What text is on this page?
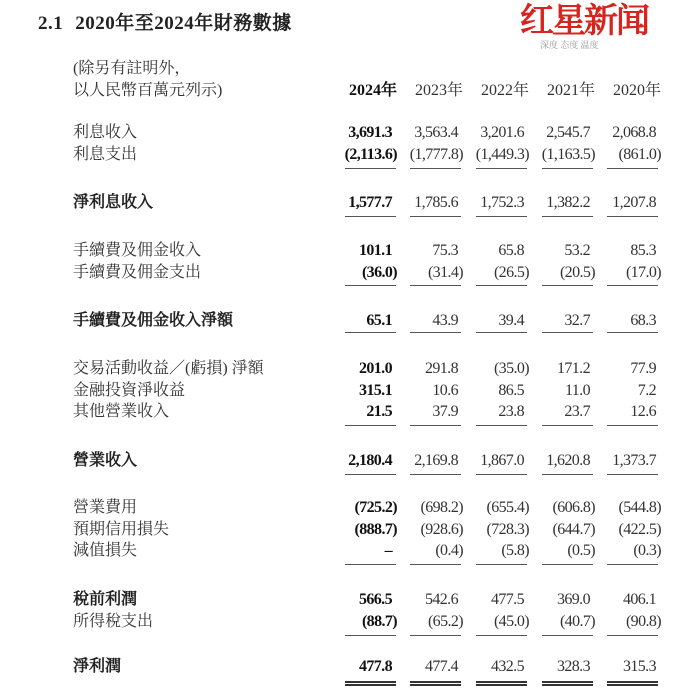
2.1 2020年至2024年財務數據
(除另有註明外，
以人民幣百萬元列示)	2024年	2023年	2022年	2021年	2020年
利息收入	3,691.3	3,563.4	3,201.6	2,545.7	2,068.8
利息支出	(2,113.6) (1,777.8) (1,449.3) (1,163.5)	(861.0)
淨利息收入	1,577.7	1,785.6	1,752.3	1,382.2	1,207.8
手續費及佣金收入	101.1	75.3	65.8	53.2	85.3
手續費及佣金支出	(36.0)	(31.4)	(26.5)	(20.5)	(17.0)
手續費及佣金收入淨額	65.1	43.9	39.4	32.7	68.3
交易活動收益／(虧損) 淨額	201.0	291.8	(35.0)	171.2	77.9
金融投資淨收益	315.1	10.6	86.5	11.0	7.2
其他營業收入	21.5	37.9	23.8	23.7	12.6
營業收入	2,180.4	2,169.8	1,867.0	1,620.8	1,373.7
營業費用	(725.2)	(698.2)	(655.4)	(606.8)	(544.8)
預期信用損失	(888.7)	(928.6)	(728.3)	(644.7)	(422.5)
減值損失	–	(0.4)	(5.8)	(0.5)	(0.3)
稅前利潤	566.5	542.6	477.5	369.0	406.1
所得稅支出	(88.7)	(65.2)	(45.0)	(40.7)	(90.8)
淨利潤	477.8	477.4	432.5	328.3	315.3
红星新闻
深度 态度 温度
